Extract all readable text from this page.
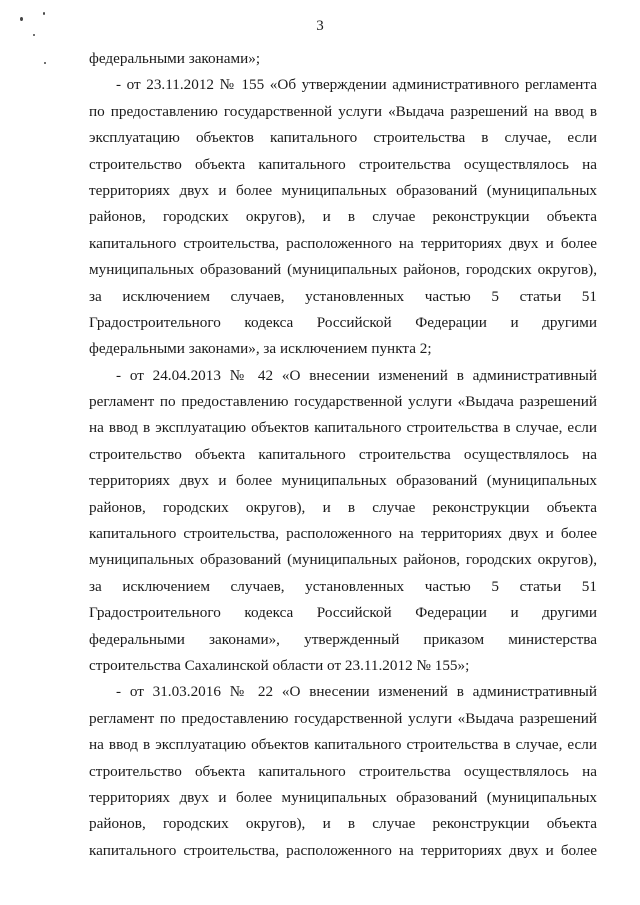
3
федеральными законами»;
- от 23.11.2012 № 155 «Об утверждении административного регламента
по предоставлению государственной услуги «Выдача разрешений на ввод в
эксплуатацию объектов капитального строительства в случае, если
строительство объекта капитального строительства осуществлялось на
территориях двух и более муниципальных образований (муниципальных
районов, городских округов), и в случае реконструкции объекта
капитального строительства, расположенного на территориях двух и более
муниципальных образований (муниципальных районов, городских округов),
за исключением случаев, установленных частью 5 статьи 51
Градостроительного кодекса Российской Федерации и другими
федеральными законами», за исключением пункта 2;
- от 24.04.2013 № 42 «О внесении изменений в административный
регламент по предоставлению государственной услуги «Выдача разрешений
на ввод в эксплуатацию объектов капитального строительства в случае, если
строительство объекта капитального строительства осуществлялось на
территориях двух и более муниципальных образований (муниципальных
районов, городских округов), и в случае реконструкции объекта
капитального строительства, расположенного на территориях двух и более
муниципальных образований (муниципальных районов, городских округов),
за исключением случаев, установленных частью 5 статьи 51
Градостроительного кодекса Российской Федерации и другими
федеральными законами», утвержденный приказом министерства
строительства Сахалинской области от 23.11.2012 № 155»;
- от 31.03.2016 № 22 «О внесении изменений в административный
регламент по предоставлению государственной услуги «Выдача разрешений
на ввод в эксплуатацию объектов капитального строительства в случае, если
строительство объекта капитального строительства осуществлялось на
территориях двух и более муниципальных образований (муниципальных
районов, городских округов), и в случае реконструкции объекта
капитального строительства, расположенного на территориях двух и более
